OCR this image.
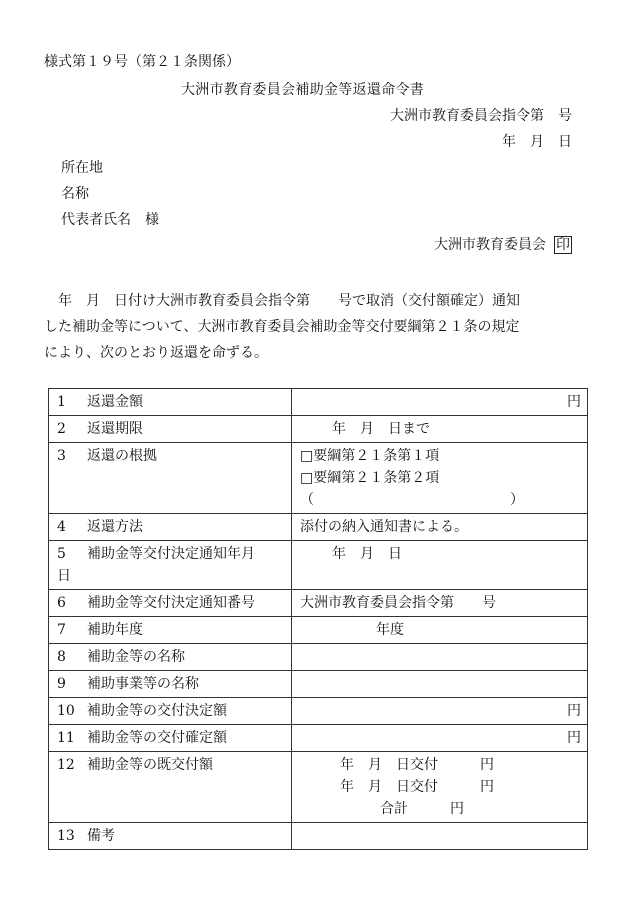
様式第１９号（第２１条関係）
大洲市教育委員会補助金等返還命令書
大洲市教育委員会指令第　号
年　月　日
所在地
名称
代表者氏名　様
大洲市教育委員会 印
　年　月　日付け大洲市教育委員会指令第　　号で取消（交付額確定）通知
した補助金等について、大洲市教育委員会補助金等交付要綱第２１条の規定
により、次のとおり返還を命ずる。
1 返還金額	円
2 返還期限	年　月　日まで
3 返還の根拠	□要綱第２１条第１項
□要綱第２１条第２項
（　　　　　　　　　　　　　　）

4 返還方法	添付の納入通知書による。
5 補助金等交付決定通知年月
日	年　月　日
6 補助金等交付決定通知番号	大洲市教育委員会指令第　　号
7 補助年度	年度
8 補助金等の名称	
9 補助事業等の名称	
10 補助金等の交付決定額	円
11 補助金等の交付確定額	円
12 補助金等の既交付額	年　月　日交付　　　円
年　月　日交付　　　円
合計　　　円

13 備考	
